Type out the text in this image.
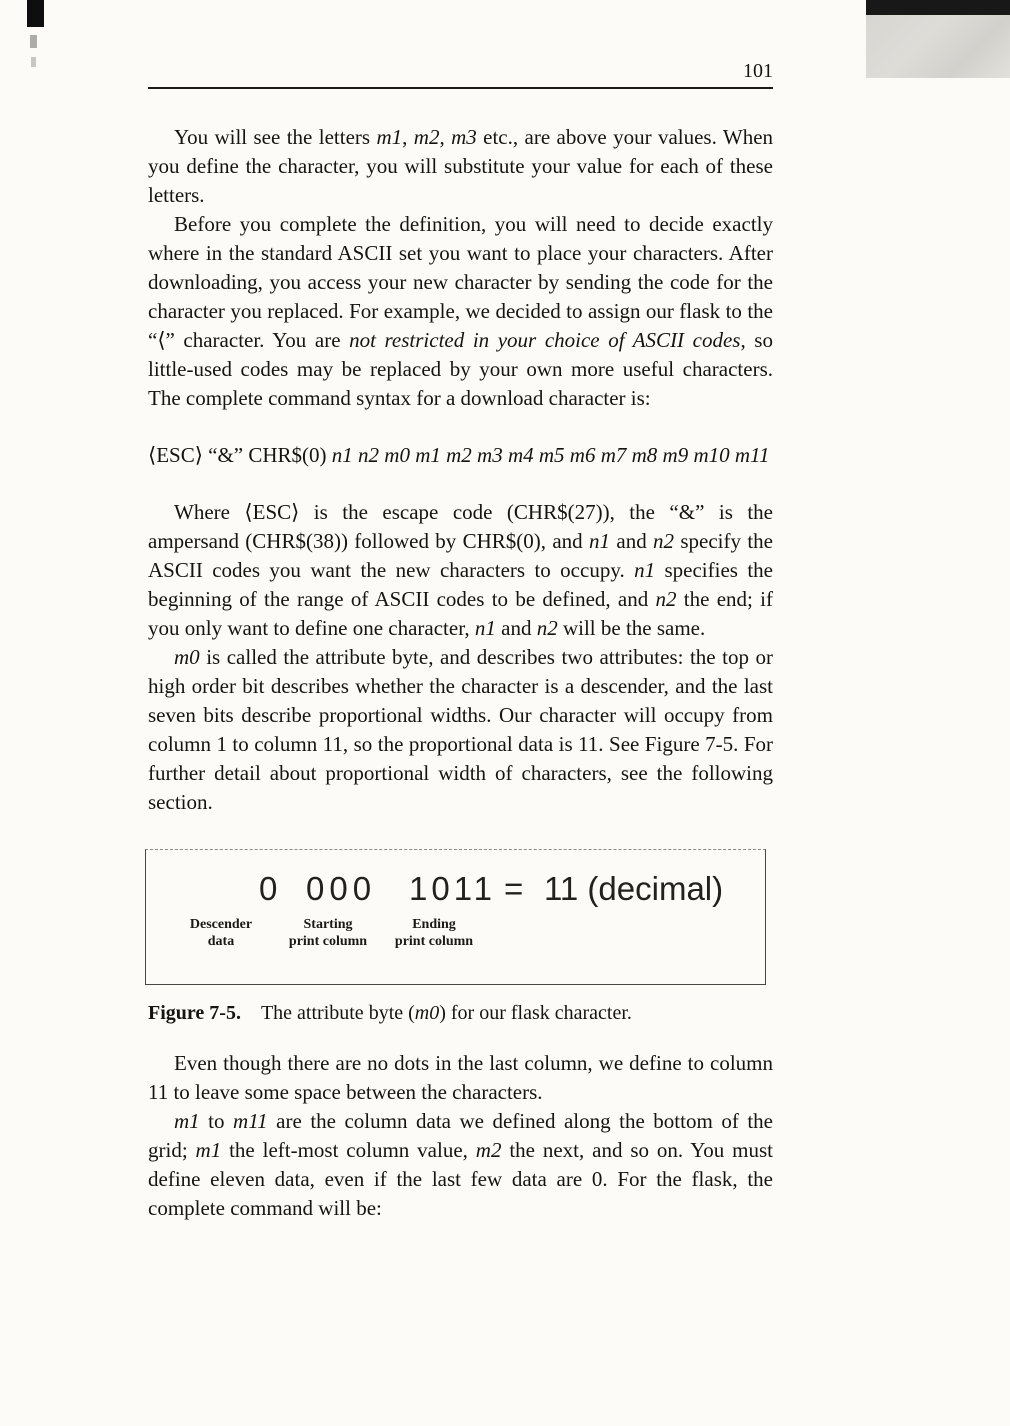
101

You will see the letters m1, m2, m3 etc., are above your values. When you define the character, you will substitute your value for each of these letters.

Before you complete the definition, you will need to decide exactly where in the standard ASCII set you want to place your characters. After downloading, you access your new character by sending the code for the character you replaced. For example, we decided to assign our flask to the “⟨” character. You are not restricted in your choice of ASCII codes, so little-used codes may be replaced by your own more useful characters. The complete command syntax for a download character is:

⟨ESC⟩ “&” CHR$(0) n1 n2 m0 m1 m2 m3 m4 m5 m6 m7 m8 m9 m10 m11

Where ⟨ESC⟩ is the escape code (CHR$(27)), the “&” is the ampersand (CHR$(38)) followed by CHR$(0), and n1 and n2 specify the ASCII codes you want the new characters to occupy. n1 specifies the beginning of the range of ASCII codes to be defined, and n2 the end; if you only want to define one character, n1 and n2 will be the same.

m0 is called the attribute byte, and describes two attributes: the top or high order bit describes whether the character is a descender, and the last seven bits describe proportional widths. Our character will occupy from column 1 to column 11, so the proportional data is 11. See Figure 7-5. For further detail about proportional width of characters, see the following section.

0 000 1011 = 11 (decimal)
Descender
data
Starting
print column
Ending
print column

Figure 7-5.  The attribute byte (m0) for our flask character.

Even though there are no dots in the last column, we define to column 11 to leave some space between the characters.

m1 to m11 are the column data we defined along the bottom of the grid; m1 the left-most column value, m2 the next, and so on. You must define eleven data, even if the last few data are 0. For the flask, the complete command will be:
